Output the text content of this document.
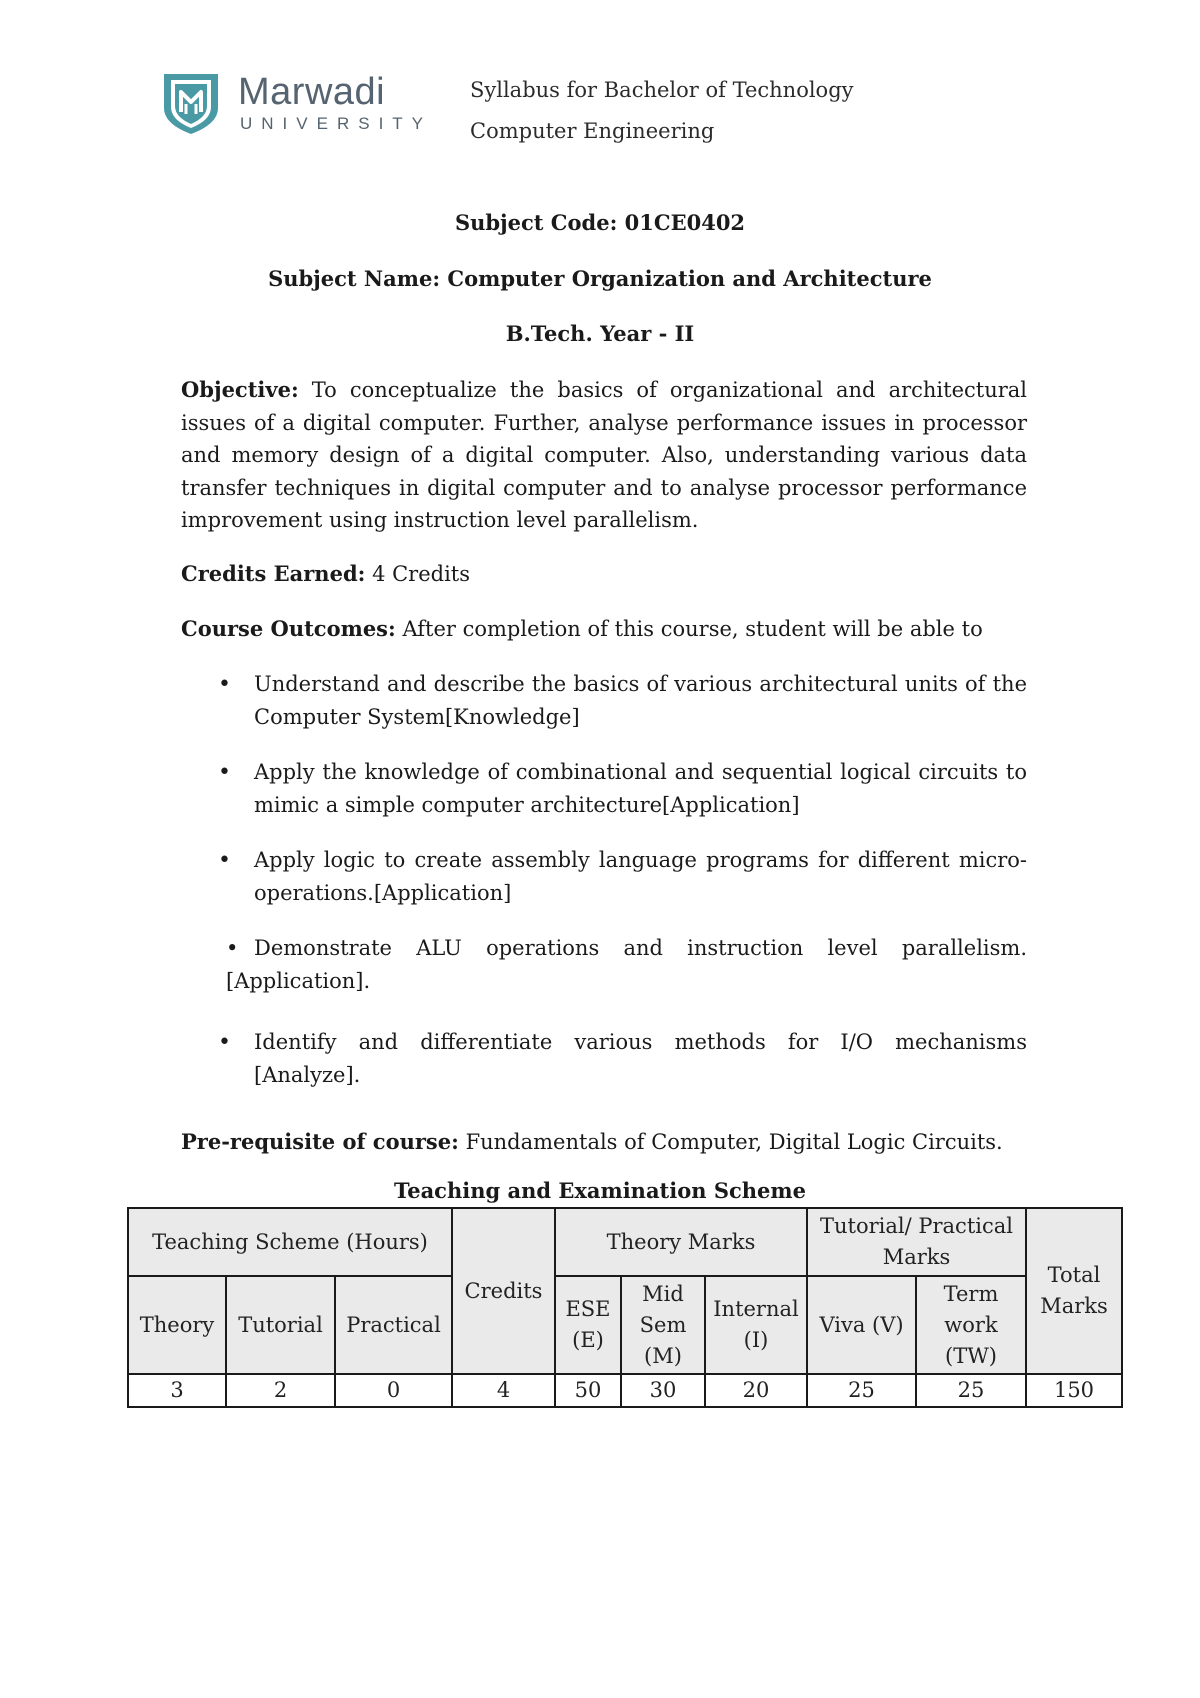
Marwadi
UNIVERSITY
Syllabus for Bachelor of Technology
Computer Engineering
Subject Code: 01CE0402
Subject Name: Computer Organization and Architecture
B.Tech. Year - II
Objective: To conceptualize the basics of organizational and architectural issues of a digital computer. Further, analyse performance issues in processor and memory design of a digital computer. Also, understanding various data transfer techniques in digital computer and to analyse processor performance improvement using instruction level parallelism.
Credits Earned: 4 Credits
Course Outcomes: After completion of this course, student will be able to
• Understand and describe the basics of various architectural units of the Computer System[Knowledge]
• Apply the knowledge of combinational and sequential logical circuits to mimic a simple computer architecture[Application]
• Apply logic to create assembly language programs for different micro-operations.[Application]
• Demonstrate ALU operations and instruction level parallelism. [Application].
• Identify and differentiate various methods for I/O mechanisms [Analyze].
Pre-requisite of course: Fundamentals of Computer, Digital Logic Circuits.
Teaching and Examination Scheme
Teaching Scheme (Hours)			Credits	Theory Marks			Tutorial/ Practical Marks		Total Marks
Theory	Tutorial	Practical		ESE (E)	Mid Sem (M)	Internal (I)	Viva (V)	Term work (TW)	
3	2	0	4	50	30	20	25	25	150
